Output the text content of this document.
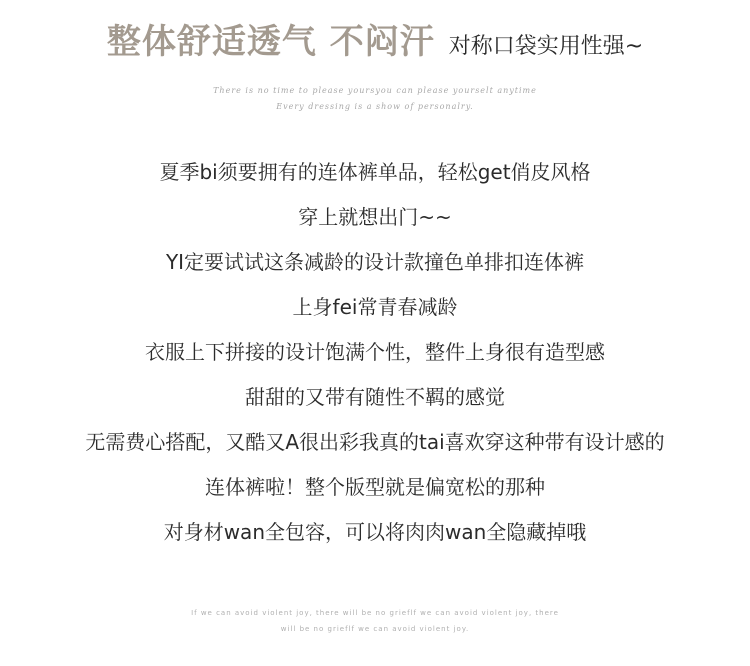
整体舒适透气 不闷汗 对称口袋实用性强~
There is no time to please yoursyou can please yourselt anytime
Every dressing is a show of personalry.
夏季bi须要拥有的连体裤单品，轻松get俏皮风格
穿上就想出门~~
YI定要试试这条减龄的设计款撞色单排扣连体裤
上身fei常青春减龄
衣服上下拼接的设计饱满个性，整件上身很有造型感
甜甜的又带有随性不羁的感觉
无需费心搭配，又酷又A很出彩我真的tai喜欢穿这种带有设计感的
连体裤啦！整个版型就是偏宽松的那种
对身材wan全包容，可以将肉肉wan全隐藏掉哦
If we can avoid violent joy, there will be no grieflf we can avoid violent joy, there
will be no grieflf we can avoid violent joy.
